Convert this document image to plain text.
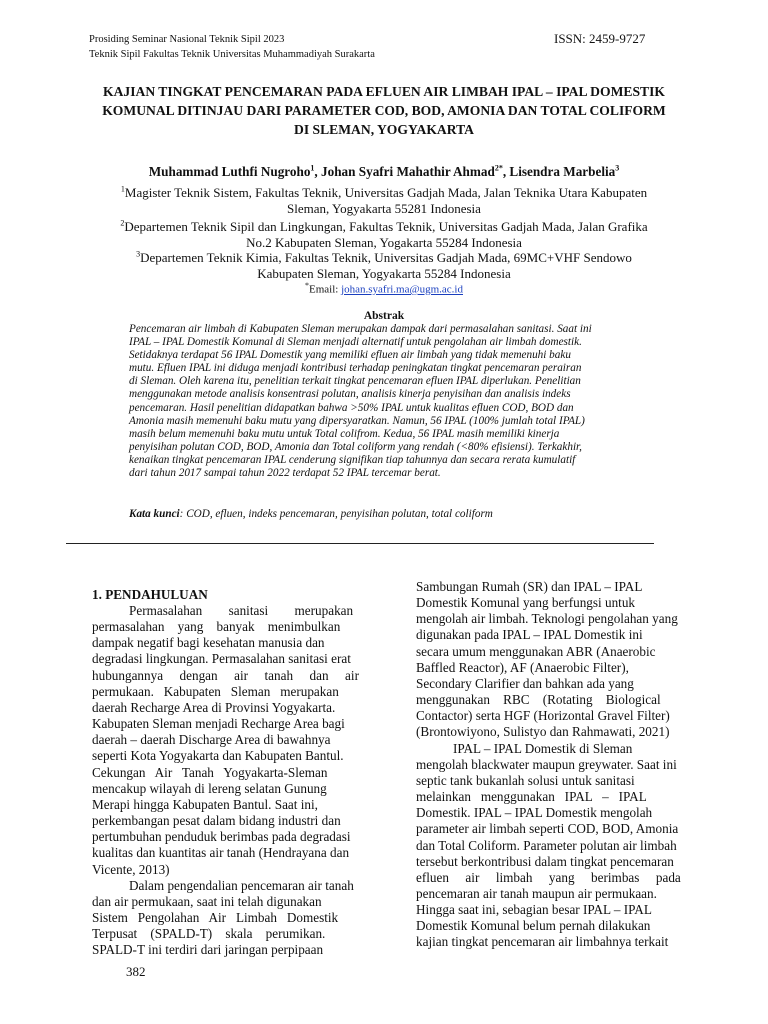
Prosiding Seminar Nasional Teknik Sipil 2023
Teknik Sipil Fakultas Teknik Universitas Muhammadiyah Surakarta
ISSN: 2459-9727
KAJIAN TINGKAT PENCEMARAN PADA EFLUEN AIR LIMBAH IPAL – IPAL DOMESTIK
KOMUNAL DITINJAU DARI PARAMETER COD, BOD, AMONIA DAN TOTAL COLIFORM
DI SLEMAN, YOGYAKARTA
Muhammad Luthfi Nugroho$^1$, Johan Syafri Mahathir Ahmad$^{2*}$, Lisendra Marbelia$^3$
$^1$Magister Teknik Sistem, Fakultas Teknik, Universitas Gadjah Mada, Jalan Teknika Utara Kabupaten
Sleman, Yogyakarta 55281 Indonesia
$^2$Departemen Teknik Sipil dan Lingkungan, Fakultas Teknik, Universitas Gadjah Mada, Jalan Grafika
No.2 Kabupaten Sleman, Yogakarta 55284 Indonesia
$^3$Departemen Teknik Kimia, Fakultas Teknik, Universitas Gadjah Mada, 69MC+VHF Sendowo
Kabupaten Sleman, Yogyakarta 55284 Indonesia
*Email: johan.syafri.ma@ugm.ac.id
Abstrak
Pencemaran air limbah di Kabupaten Sleman merupakan dampak dari permasalahan sanitasi. Saat ini
IPAL – IPAL Domestik Komunal di Sleman menjadi alternatif untuk pengolahan air limbah domestik.
Setidaknya terdapat 56 IPAL Domestik yang memiliki efluen air limbah yang tidak memenuhi baku
mutu. Efluen IPAL ini diduga menjadi kontribusi terhadap peningkatan tingkat pencemaran perairan
di Sleman. Oleh karena itu, penelitian terkait tingkat pencemaran efluen IPAL diperlukan. Penelitian
menggunakan metode analisis konsentrasi polutan, analisis kinerja penyisihan dan analisis indeks
pencemaran. Hasil penelitian didapatkan bahwa >50% IPAL untuk kualitas efluen COD, BOD dan
Amonia masih memenuhi baku mutu yang dipersyaratkan. Namun, 56 IPAL (100% jumlah total IPAL)
masih belum memenuhi baku mutu untuk Total colifrom. Kedua, 56 IPAL masih memiliki kinerja
penyisihan polutan COD, BOD, Amonia dan Total coliform yang rendah (<80% efisiensi). Terkakhir,
kenaikan tingkat pencemaran IPAL cenderung signifikan tiap tahunnya dan secara rerata kumulatif
dari tahun 2017 sampai tahun 2022 terdapat 52 IPAL tercemar berat.
Kata kunci: COD, efluen, indeks pencemaran, penyisihan polutan, total coliform
1. PENDAHULUAN
Permasalahan        sanitasi        merupakan
permasalahan    yang    banyak    menimbulkan
dampak negatif bagi kesehatan manusia dan
degradasi lingkungan. Permasalahan sanitasi erat
hubungannya     dengan     air     tanah     dan     air
permukaan.   Kabupaten   Sleman   merupakan
daerah Recharge Area di Provinsi Yogyakarta.
Kabupaten Sleman menjadi Recharge Area bagi
daerah – daerah Discharge Area di bawahnya
seperti Kota Yogyakarta dan Kabupaten Bantul.
Cekungan   Air   Tanah   Yogyakarta-Sleman
mencakup wilayah di lereng selatan Gunung
Merapi hingga Kabupaten Bantul. Saat ini,
perkembangan pesat dalam bidang industri dan
pertumbuhan penduduk berimbas pada degradasi
kualitas dan kuantitas air tanah (Hendrayana dan
Vicente, 2013)
Dalam pengendalian pencemaran air tanah
dan air permukaan, saat ini telah digunakan
Sistem   Pengolahan   Air   Limbah   Domestik
Terpusat    (SPALD-T)    skala    perumikan.
SPALD-T ini terdiri dari jaringan perpipaan
Sambungan Rumah (SR) dan IPAL – IPAL
Domestik Komunal yang berfungsi untuk
mengolah air limbah. Teknologi pengolahan yang
digunakan pada IPAL – IPAL Domestik ini
secara umum menggunakan ABR (Anaerobic
Baffled Reactor), AF (Anaerobic Filter),
Secondary Clarifier dan bahkan ada yang
menggunakan    RBC    (Rotating    Biological
Contactor) serta HGF (Horizontal Gravel Filter)
(Brontowiyono, Sulistyo dan Rahmawati, 2021)
IPAL – IPAL Domestik di Sleman
mengolah blackwater maupun greywater. Saat ini
septic tank bukanlah solusi untuk sanitasi
melainkan   menggunakan   IPAL   –   IPAL
Domestik. IPAL – IPAL Domestik mengolah
parameter air limbah seperti COD, BOD, Amonia
dan Total Coliform. Parameter polutan air limbah
tersebut berkontribusi dalam tingkat pencemaran
efluen     air     limbah     yang     berimbas     pada
pencemaran air tanah maupun air permukaan.
Hingga saat ini, sebagian besar IPAL – IPAL
Domestik Komunal belum pernah dilakukan
kajian tingkat pencemaran air limbahnya terkait
382
